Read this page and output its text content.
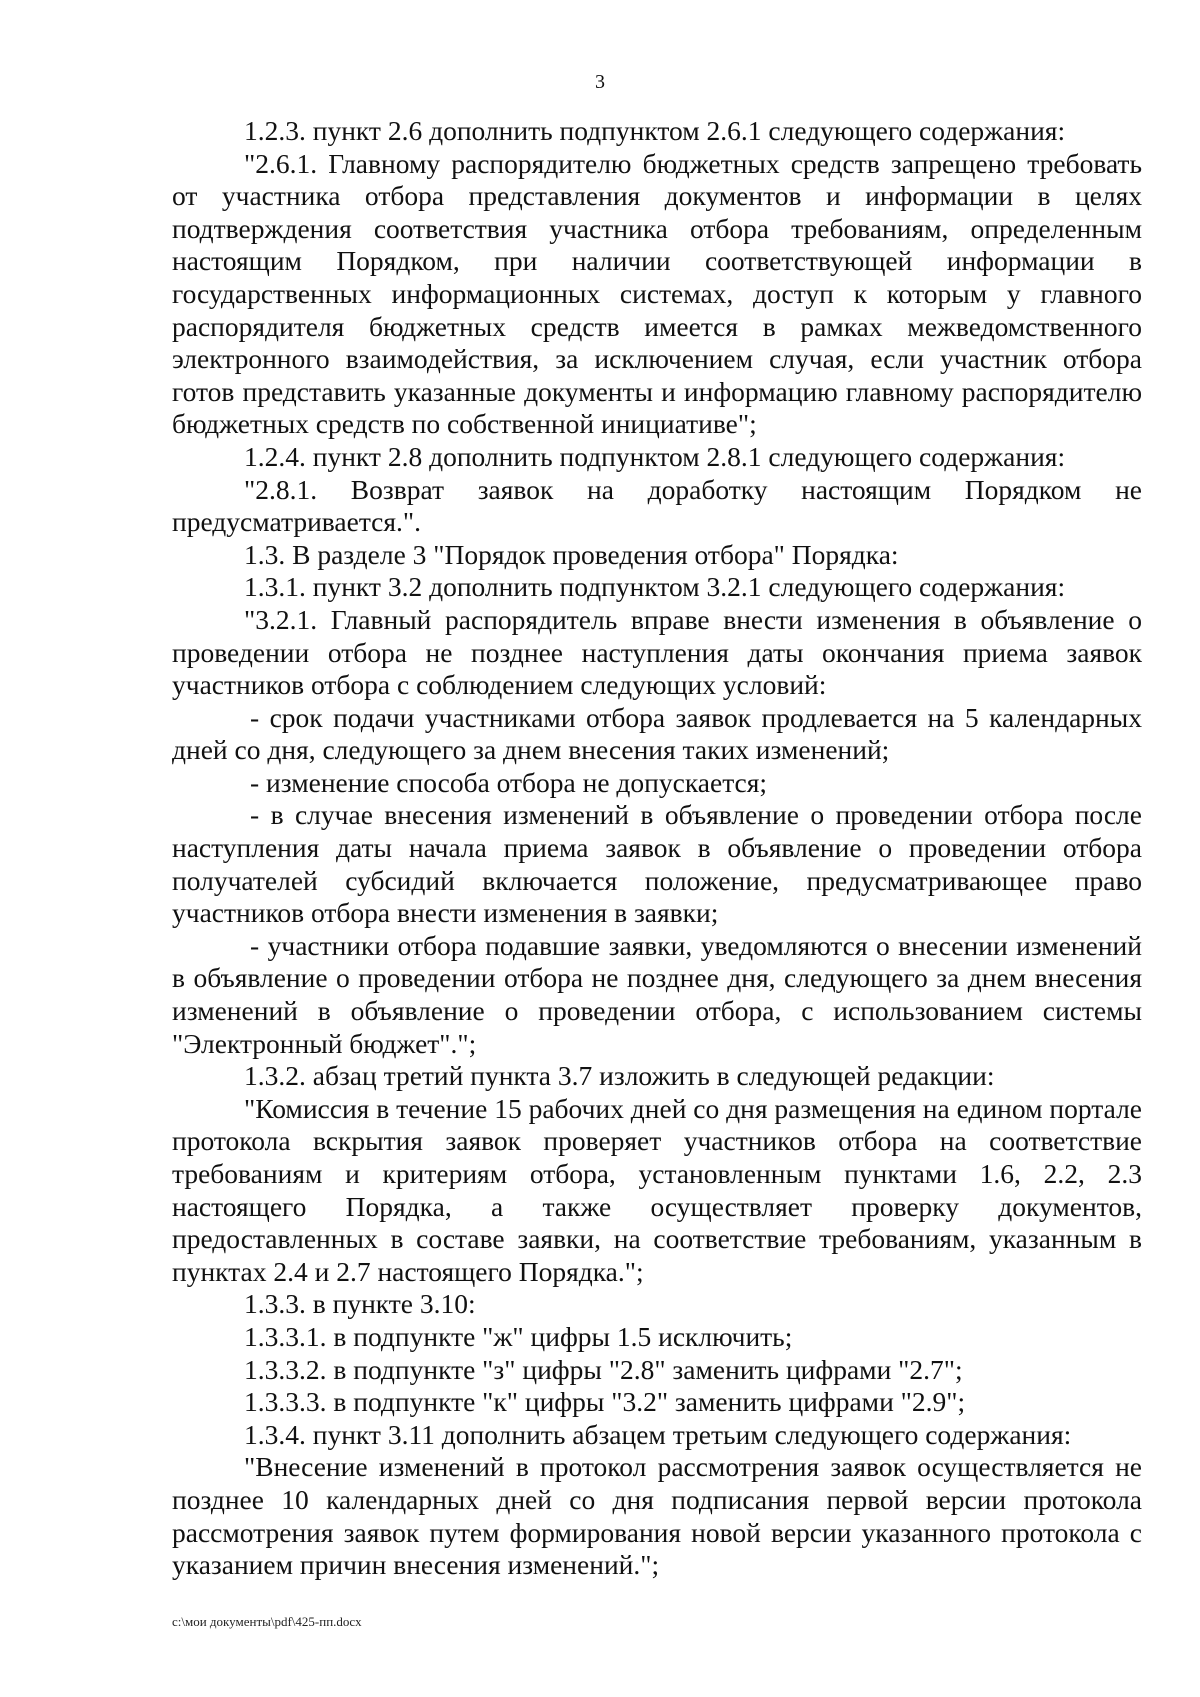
3

1.2.3. пункт 2.6 дополнить подпунктом 2.6.1 следующего содержания:

"2.6.1. Главному распорядителю бюджетных средств запрещено требовать от участника отбора представления документов и информации в целях подтверждения соответствия участника отбора требованиям, определенным настоящим Порядком, при наличии соответствующей информации в государственных информационных системах, доступ к которым у главного распорядителя бюджетных средств имеется в рамках межведомственного электронного взаимодействия, за исключением случая, если участник отбора готов представить указанные документы и информацию главному распорядителю бюджетных средств по собственной инициативе";

1.2.4. пункт 2.8 дополнить подпунктом 2.8.1 следующего содержания:

"2.8.1. Возврат заявок на доработку настоящим Порядком не предусматривается.".

1.3. В разделе 3 "Порядок проведения отбора" Порядка:

1.3.1. пункт 3.2 дополнить подпунктом 3.2.1 следующего содержания:

"3.2.1. Главный распорядитель вправе внести изменения в объявление о проведении отбора не позднее наступления даты окончания приема заявок участников отбора с соблюдением следующих условий:

- срок подачи участниками отбора заявок продлевается на 5 календарных дней со дня, следующего за днем внесения таких изменений;

- изменение способа отбора не допускается;

- в случае внесения изменений в объявление о проведении отбора после наступления даты начала приема заявок в объявление о проведении отбора получателей субсидий включается положение, предусматривающее право участников отбора внести изменения в заявки;

- участники отбора подавшие заявки, уведомляются о внесении изменений в объявление о проведении отбора не позднее дня, следующего за днем внесения изменений в объявление о проведении отбора, с использованием системы "Электронный бюджет".";

1.3.2. абзац третий пункта 3.7 изложить в следующей редакции:

"Комиссия в течение 15 рабочих дней со дня размещения на едином портале протокола вскрытия заявок проверяет участников отбора на соответствие требованиям и критериям отбора, установленным пунктами 1.6, 2.2, 2.3 настоящего Порядка, а также осуществляет проверку документов, предоставленных в составе заявки, на соответствие требованиям, указанным в пунктах 2.4 и 2.7 настоящего Порядка.";

1.3.3. в пункте 3.10:

1.3.3.1. в подпункте "ж" цифры 1.5 исключить;

1.3.3.2. в подпункте "з" цифры "2.8" заменить цифрами "2.7";

1.3.3.3. в подпункте "к" цифры "3.2" заменить цифрами "2.9";

1.3.4. пункт 3.11 дополнить абзацем третьим следующего содержания:

"Внесение изменений в протокол рассмотрения заявок осуществляется не позднее 10 календарных дней со дня подписания первой версии протокола рассмотрения заявок путем формирования новой версии указанного протокола с указанием причин внесения изменений.";

c:\мои документы\pdf\425-пп.docx
